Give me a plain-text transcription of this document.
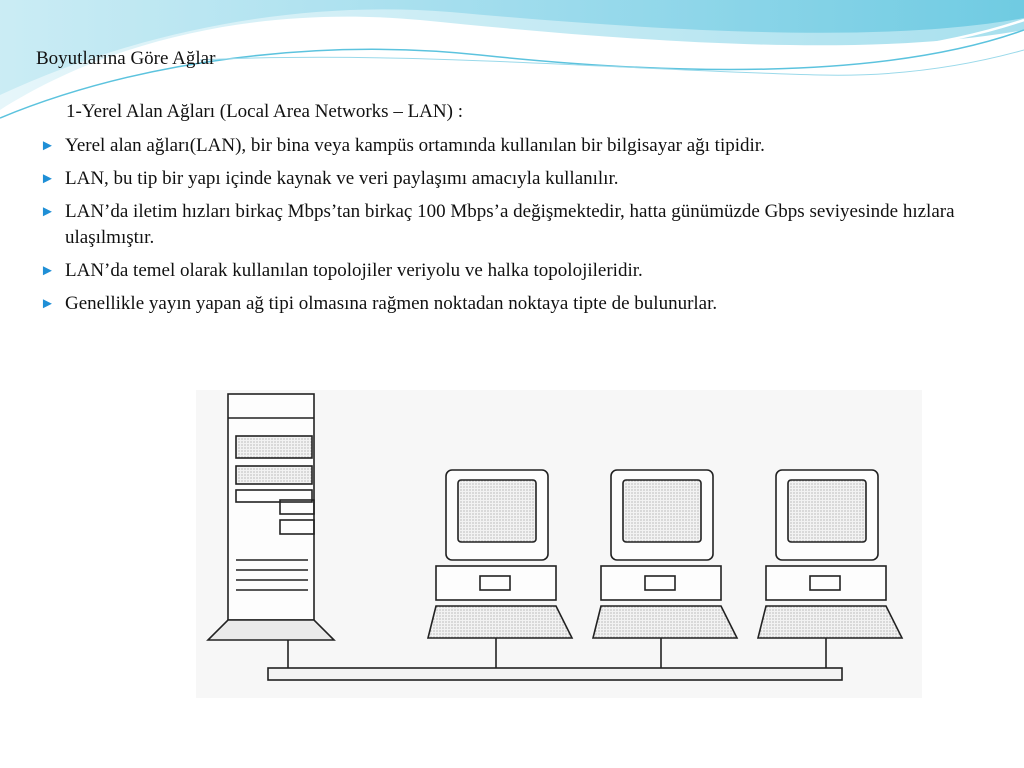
Boyutlarına Göre Ağlar
1-Yerel Alan Ağları (Local Area Networks – LAN) :
► Yerel alan ağları(LAN), bir bina veya kampüs ortamında kullanılan bir bilgisayar ağı tipidir.
► LAN, bu tip bir yapı içinde kaynak ve veri paylaşımı amacıyla kullanılır.
► LAN’da iletim hızları birkaç Mbps’tan birkaç 100 Mbps’a değişmektedir, hatta günümüzde Gbps seviyesinde hızlara ulaşılmıştır.
► LAN’da temel olarak kullanılan topolojiler veriyolu ve halka topolojileridir.
► Genellikle yayın yapan ağ tipi olmasına rağmen noktadan noktaya tipte de bulunurlar.
